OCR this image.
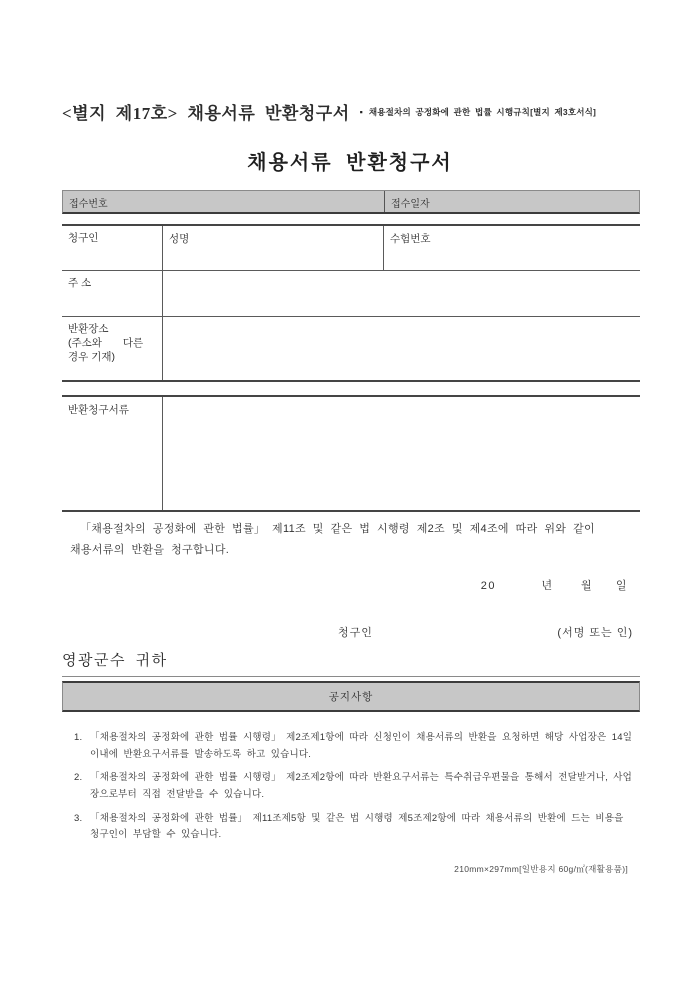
<별지 제17호> 채용서류 반환청구서 ▪ 채용절차의 공정화에 관한 법률 시행규칙[별지 제3호서식]
채용서류 반환청구서
접수번호	접수일자
청구인	성명	수험번호
주 소
반환장소
(주소와 다른
경우 기재)
반환청구서류
「채용절차의 공정화에 관한 법률」 제11조 및 같은 법 시행령 제2조 및 제4조에 따라 위와 같이
채용서류의 반환을 청구합니다.
20          년      월     일
청구인	(서명 또는 인)
영광군수 귀하
공지사항
1. 「채용절차의 공정화에 관한 법률 시행령」 제2조제1항에 따라 신청인이 채용서류의 반환을 요청하면 해당 사업장은 14일 이내에 반환요구서류를 발송하도록 하고 있습니다.
2. 「채용절차의 공정화에 관한 법률 시행령」 제2조제2항에 따라 반환요구서류는 특수취급우편물을 통해서 전달받거나, 사업장으로부터 직접 전달받을 수 있습니다.
3. 「채용절차의 공정화에 관한 법률」 제11조제5항 및 같은 법 시행령 제5조제2항에 따라 채용서류의 반환에 드는 비용을 청구인이 부담할 수 있습니다.
210mm×297mm[일반용지 60g/㎡(재활용품)]
